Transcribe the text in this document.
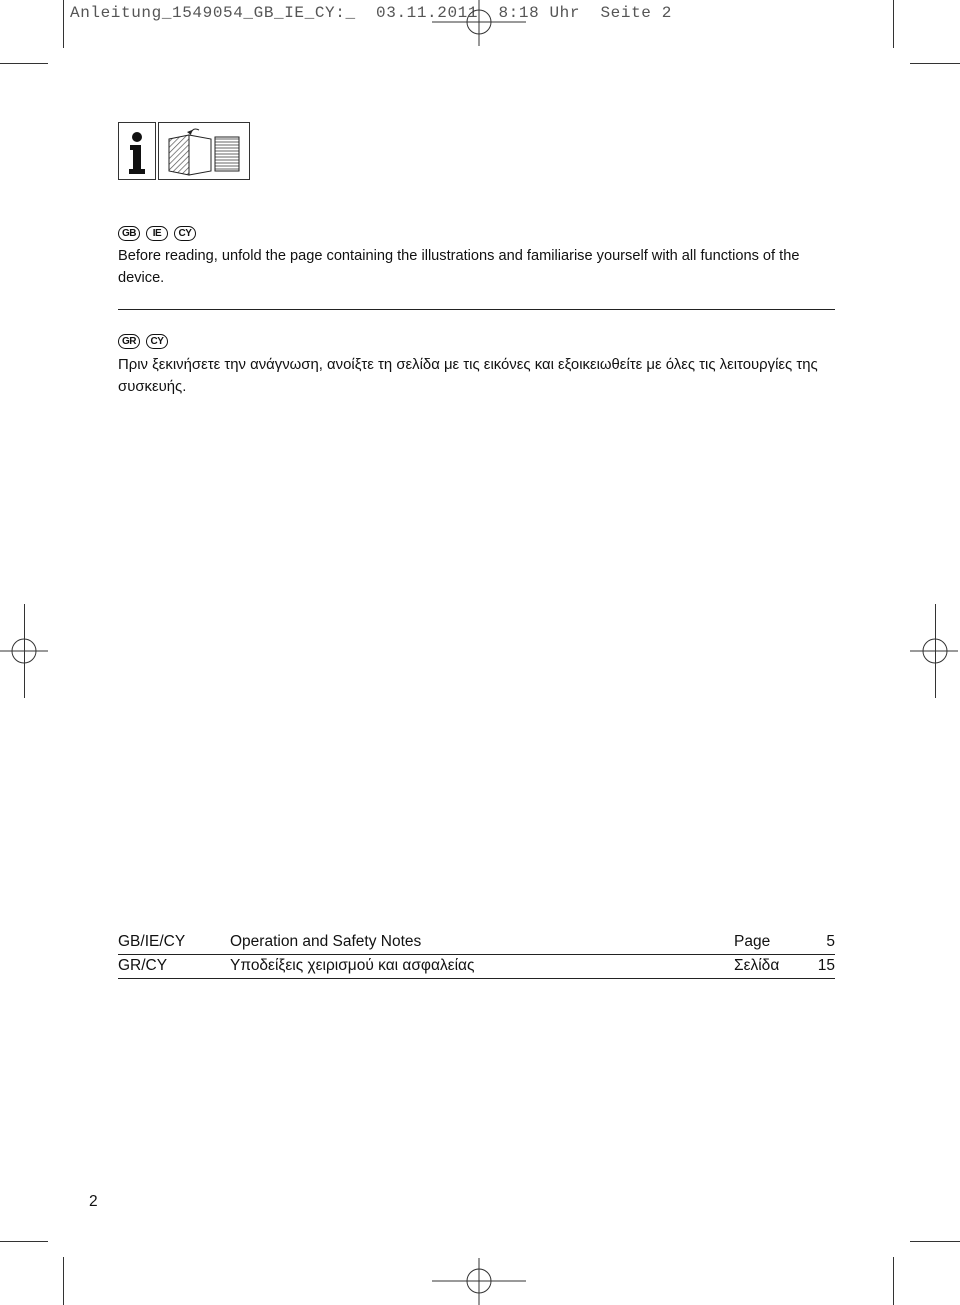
Anleitung_1549054_GB_IE_CY:_  03.11.2011  8:18 Uhr  Seite 2
GB	IE	CY
Before reading, unfold the page containing the illustrations and familiarise yourself with all functions of the device.
GR	CY
Πριν ξεκινήσετε την ανάγνωση, ανοίξτε τη σελίδα με τις εικόνες και εξοικειωθείτε με όλες τις λειτουργίες της συσκευής.
GB/IE/CY	Operation and Safety Notes	Page	5
GR/CY	Υποδείξεις χειρισμού και ασφαλείας	Σελίδα 15
2
